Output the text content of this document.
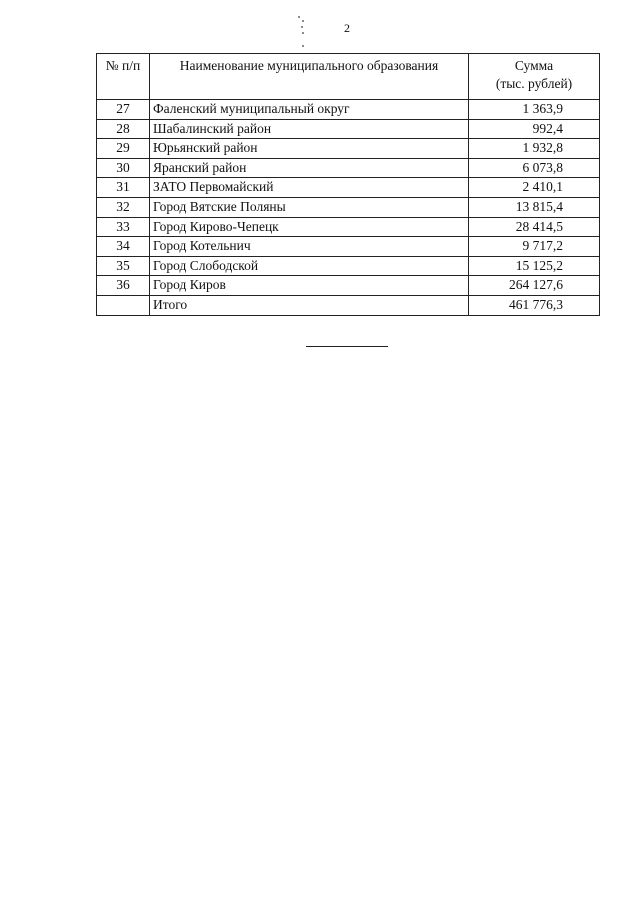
2
№ п/п	Наименование муниципального образования	Сумма
(тыс. рублей)

27	Фаленский муниципальный округ	1 363,9
28	Шабалинский район	992,4
29	Юрьянский район	1 932,8
30	Яранский район	6 073,8
31	ЗАТО Первомайский	2 410,1
32	Город Вятские Поляны	13 815,4
33	Город Кирово-Чепецк	28 414,5
34	Город Котельнич	9 717,2
35	Город Слободской	15 125,2
36	Город Киров	264 127,6
	Итого	461 776,3
